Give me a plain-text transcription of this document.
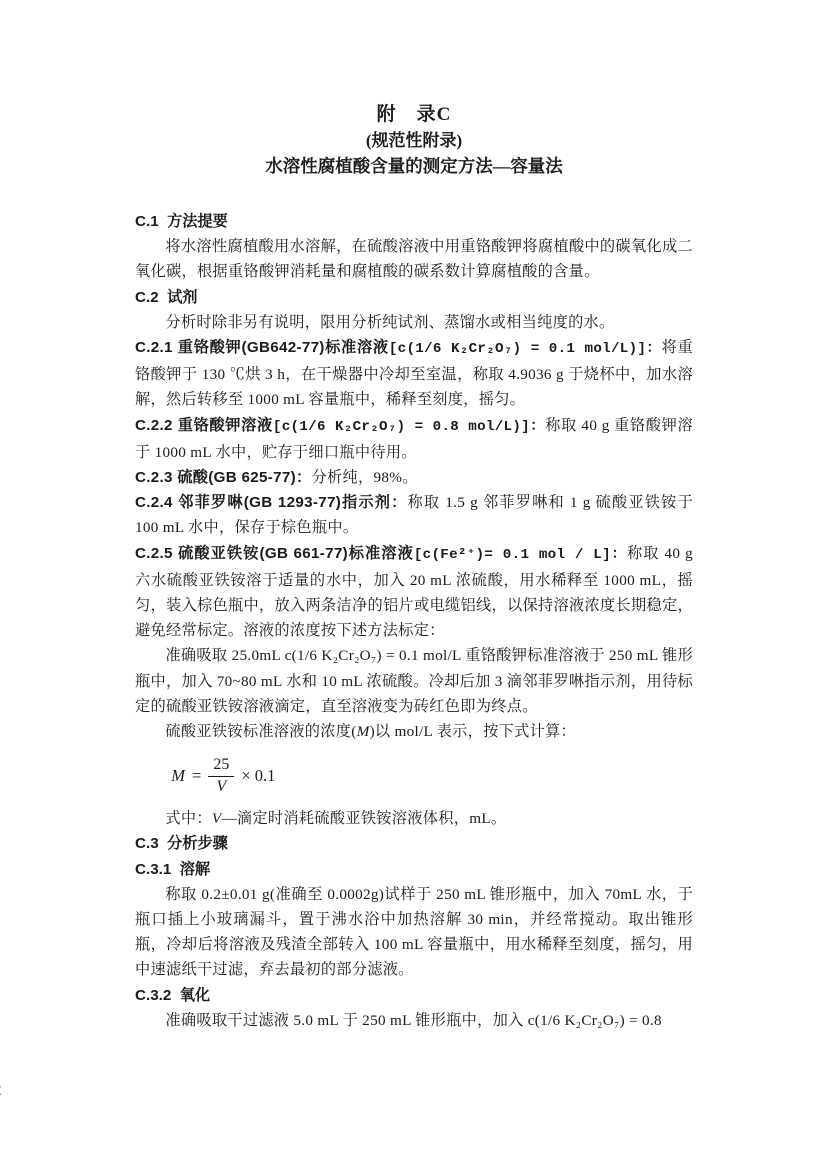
附　录C
(规范性附录)
水溶性腐植酸含量的测定方法—容量法

C.1  方法提要

将水溶性腐植酸用水溶解，在硫酸溶液中用重铬酸钾将腐植酸中的碳氧化成二氧化碳，根据重铬酸钾消耗量和腐植酸的碳系数计算腐植酸的含量。

C.2  试剂

分析时除非另有说明，限用分析纯试剂、蒸馏水或相当纯度的水。

C.2.1 重铬酸钾(GB642-77)标准溶液[c(1/6 K₂Cr₂O₇) = 0.1 mol/L)]：将重铬酸钾于 130 ℃烘 3 h，在干燥器中冷却至室温，称取 4.9036 g 于烧杯中，加水溶解，然后转移至 1000 mL 容量瓶中，稀释至刻度，摇匀。

C.2.2 重铬酸钾溶液[c(1/6 K₂Cr₂O₇) = 0.8 mol/L)]：称取 40 g 重铬酸钾溶于 1000 mL 水中，贮存于细口瓶中待用。

C.2.3 硫酸(GB 625-77)：分析纯，98%。

C.2.4 邻菲罗啉(GB 1293-77)指示剂：称取 1.5 g 邻菲罗啉和 1 g 硫酸亚铁铵于 100 mL 水中，保存于棕色瓶中。

C.2.5 硫酸亚铁铵(GB 661-77)标准溶液[c(Fe²⁺)= 0.1 mol / L]：称取 40 g 六水硫酸亚铁铵溶于适量的水中，加入 20 mL 浓硫酸，用水稀释至 1000 mL，摇匀，装入棕色瓶中，放入两条洁净的铝片或电缆铝线，以保持溶液浓度长期稳定，避免经常标定。溶液的浓度按下述方法标定：

准确吸取 25.0mL c(1/6 K₂Cr₂O₇) = 0.1 mol/L 重铬酸钾标准溶液于 250 mL 锥形瓶中，加入 70~80 mL 水和 10 mL 浓硫酸。冷却后加 3 滴邻菲罗啉指示剂，用待标定的硫酸亚铁铵溶液滴定，直至溶液变为砖红色即为终点。

硫酸亚铁铵标准溶液的浓度(M)以 mol/L 表示，按下式计算：

$M = \frac{25}{V} \times 0.1$

式中：V—滴定时消耗硫酸亚铁铵溶液体积，mL。

C.3  分析步骤

C.3.1  溶解

称取 0.2±0.01 g(准确至 0.0002g)试样于 250 mL 锥形瓶中，加入 70mL 水，于瓶口插上小玻璃漏斗，置于沸水浴中加热溶解 30 min，并经常搅动。取出锥形瓶，冷却后将溶液及残渣全部转入 100 mL 容量瓶中，用水稀释至刻度，摇匀，用中速滤纸干过滤，弃去最初的部分滤液。

C.3.2  氧化

准确吸取干过滤液 5.0 mL 于 250 mL 锥形瓶中，加入 c(1/6 K₂Cr₂O₇) = 0.8
